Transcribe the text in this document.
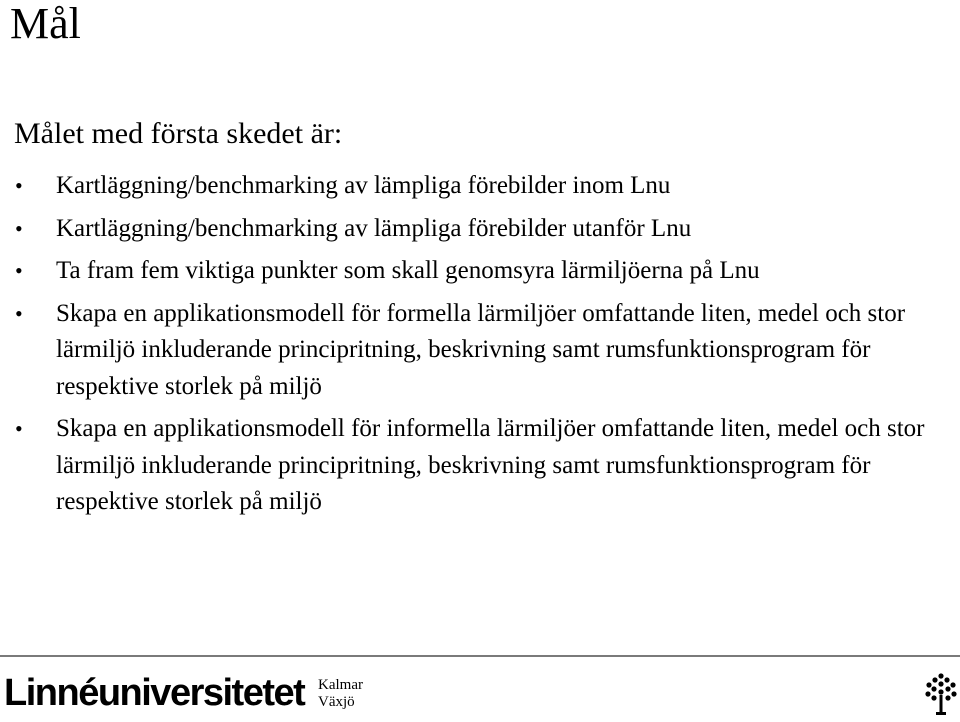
Mål

Målet med första skedet är:

• Kartläggning/benchmarking av lämpliga förebilder inom Lnu
• Kartläggning/benchmarking av lämpliga förebilder utanför Lnu
• Ta fram fem viktiga punkter som skall genomsyra lärmiljöerna på Lnu
• Skapa en applikationsmodell för formella lärmiljöer omfattande liten, medel och stor lärmiljö inkluderande principritning, beskrivning samt rumsfunktionsprogram för respektive storlek på miljö
• Skapa en applikationsmodell för informella lärmiljöer omfattande liten, medel och stor lärmiljö inkluderande principritning, beskrivning samt rumsfunktionsprogram för respektive storlek på miljö
Linnéuniversitetet Kalmar
Växjö
